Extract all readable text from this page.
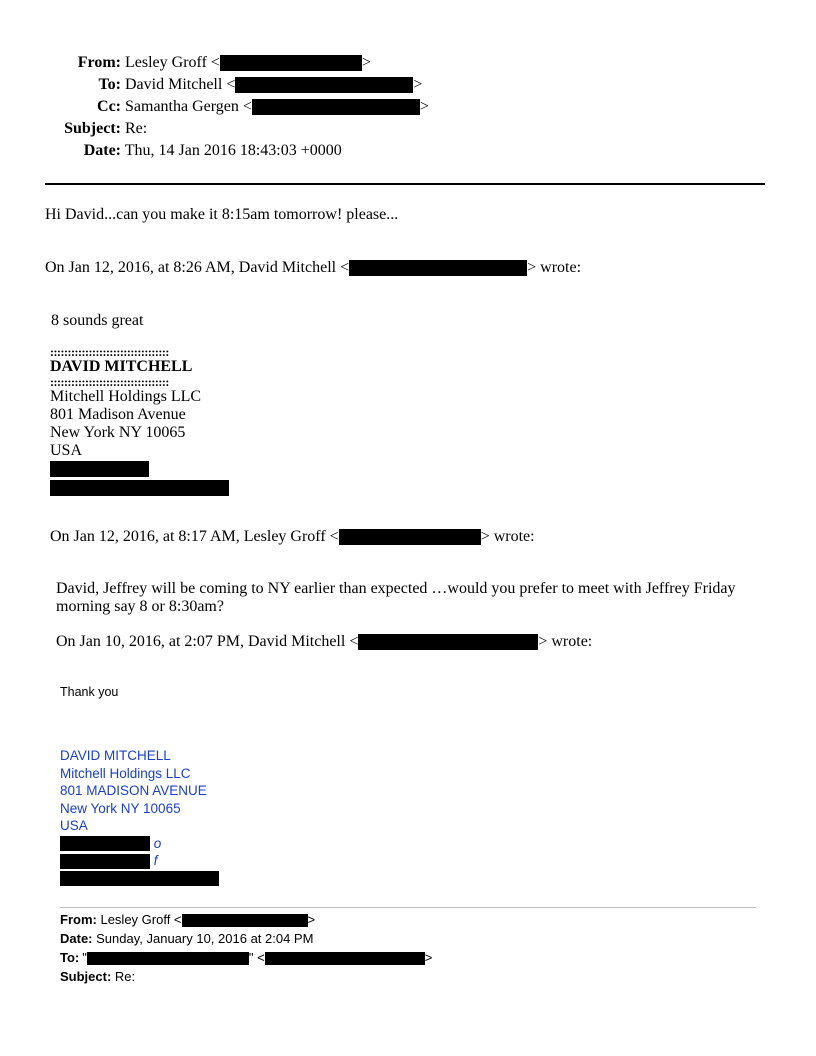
From: Lesley Groff <	>
To: David Mitchell <	>
Cc: Samantha Gergen <	>
Subject: Re:
Date: Thu, 14 Jan 2016 18:43:03 +0000
Hi David...can you make it 8:15am tomorrow! please...
On Jan 12, 2016, at 8:26 AM, David Mitchell <	> wrote:
8 sounds great
::::::::::::::::::::::::::::::::::
DAVID MITCHELL
::::::::::::::::::::::::::::::::::
Mitchell Holdings LLC
801 Madison Avenue
New York NY 10065
USA
On Jan 12, 2016, at 8:17 AM, Lesley Groff <	> wrote:
David, Jeffrey will be coming to NY earlier than expected …would you prefer to meet with Jeffrey Friday
morning say 8 or 8:30am?
On Jan 10, 2016, at 2:07 PM, David Mitchell <	> wrote:
Thank you
DAVID MITCHELL
Mitchell Holdings LLC
801 MADISON AVENUE
New York NY 10065
USA
o
f
From: Lesley Groff <	>
Date: Sunday, January 10, 2016 at 2:04 PM
To: "	" <	>
Subject: Re:
